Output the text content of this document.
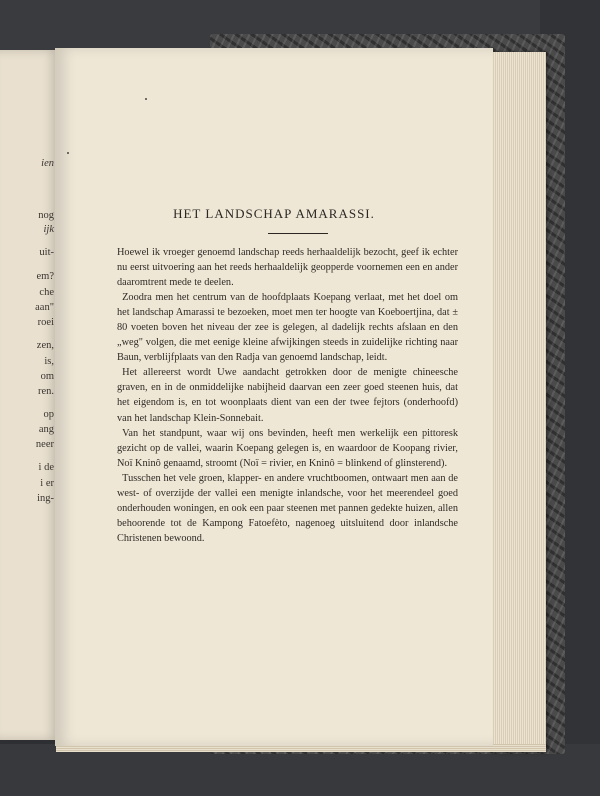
ien

nog

ijk

uit-

em?

che

aan"

roei

zen,

is,

om

ren.

op

ang

neer

i de

i er

ing-

HET LANDSCHAP AMARASSI.

Hoewel ik vroeger genoemd landschap reeds herhaaldelijk bezocht, geef ik echter nu eerst uitvoering aan het reeds herhaaldelijk geopperde voornemen een en ander daaromtrent mede te deelen.

Zoodra men het centrum van de hoofdplaats Koepang verlaat, met het doel om het landschap Amarassi te bezoeken, moet men ter hoogte van Koeboertjina, dat ± 80 voeten boven het niveau der zee is gelegen, al dadelijk rechts afslaan en den „weg" volgen, die met eenige kleine afwijkingen steeds in zuidelijke richting naar Baun, verblijfplaats van den Radja van genoemd landschap, leidt.

Het allereerst wordt Uwe aandacht getrokken door de menigte chineesche graven, en in de onmiddelijke nabijheid daarvan een zeer goed steenen huis, dat het eigendom is, en tot woonplaats dient van een der twee fejtors (onderhoofd) van het landschap Klein-Sonnebait.

Van het standpunt, waar wij ons bevinden, heeft men werkelijk een pittoresk gezicht op de vallei, waarin Koepang gelegen is, en waardoor de Koopang rivier, Noï Kninô genaamd, stroomt (Noï = rivier, en Kninô = blinkend of glinsterend).

Tusschen het vele groen, klapper- en andere vruchtboomen, ontwaart men aan de west- of overzijde der vallei een menigte inlandsche, voor het meerendeel goed onderhouden woningen, en ook een paar steenen met pannen gedekte huizen, allen behoorende tot de Kampong Fatoefèto, nagenoeg uitsluitend door inlandsche Christenen bewoond.
